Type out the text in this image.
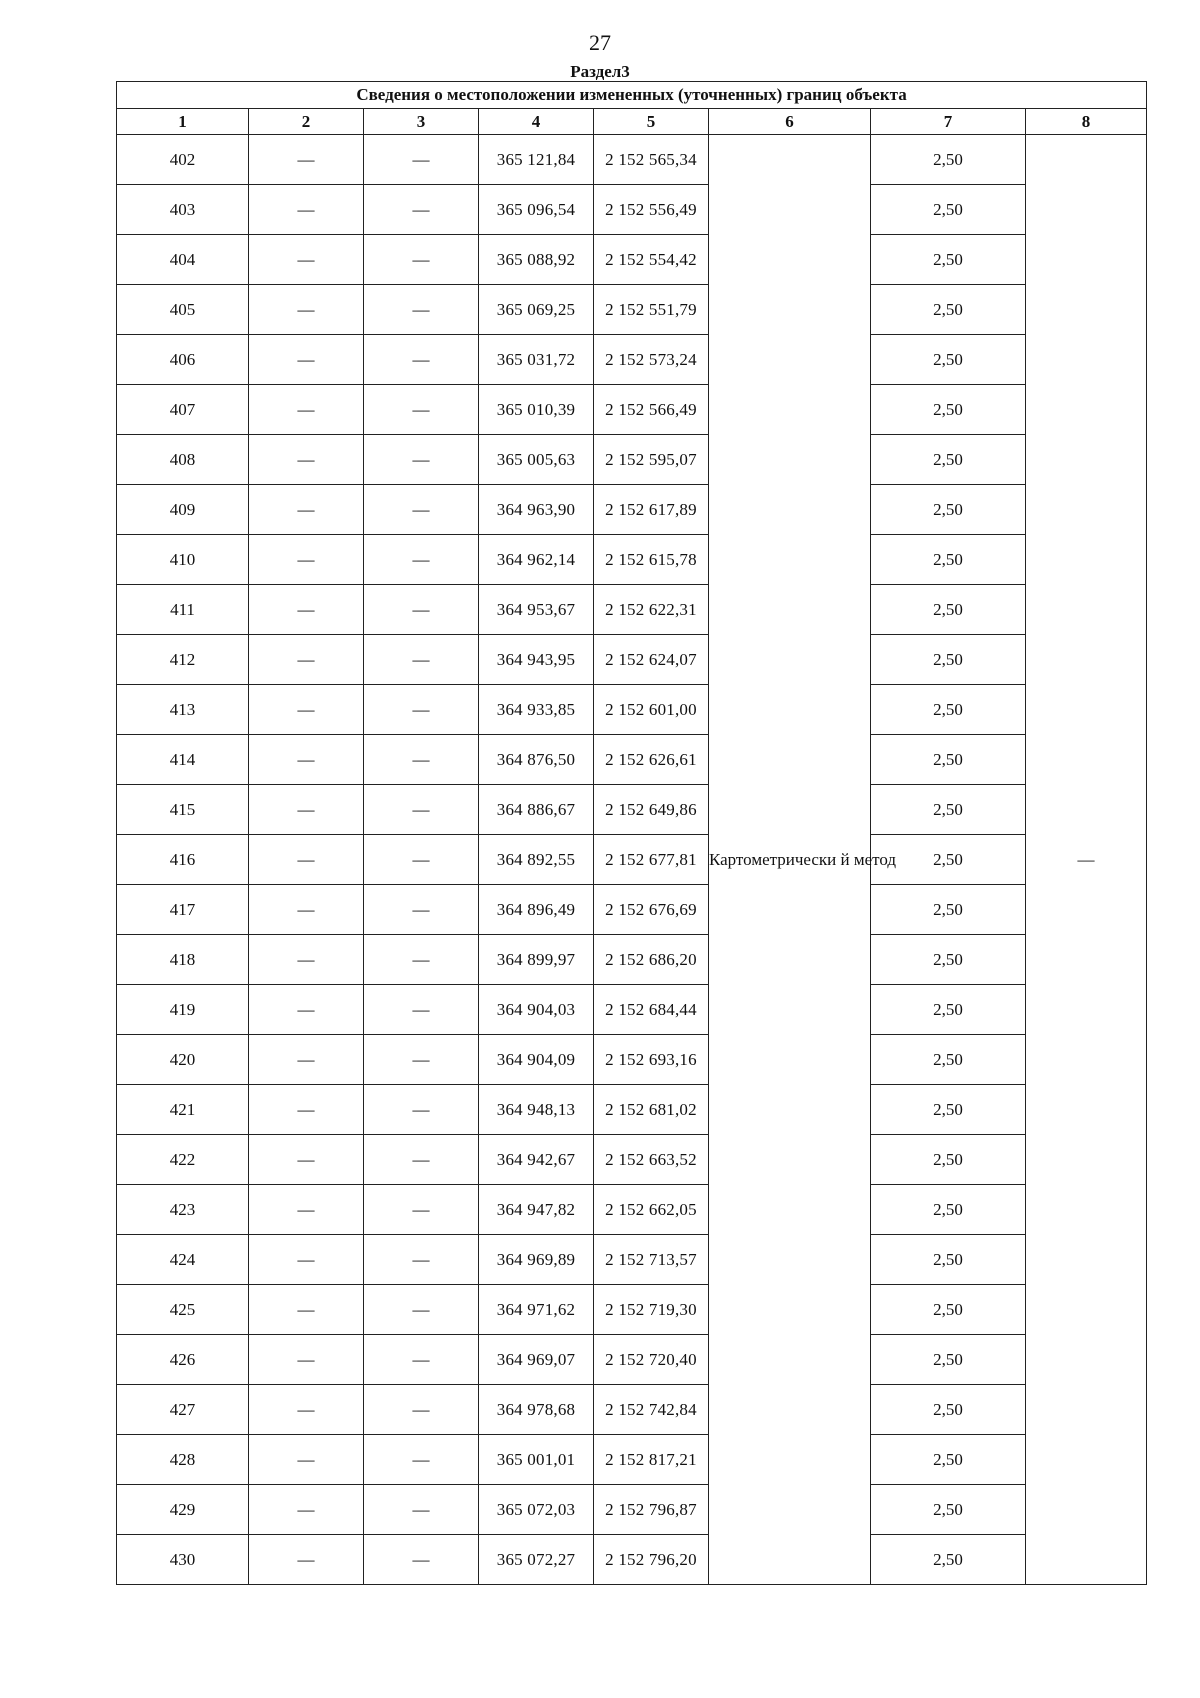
27
Раздел3
Сведения о местоположении измененных (уточненных) границ объекта							
1	2	3	4	5	6	7	8
402	—	—	365 121,84	2 152 565,34	Картометрически й метод	2,50	—
403	—	—	365 096,54	2 152 556,49		2,50	
404	—	—	365 088,92	2 152 554,42		2,50	
405	—	—	365 069,25	2 152 551,79		2,50	
406	—	—	365 031,72	2 152 573,24		2,50	
407	—	—	365 010,39	2 152 566,49		2,50	
408	—	—	365 005,63	2 152 595,07		2,50	
409	—	—	364 963,90	2 152 617,89		2,50	
410	—	—	364 962,14	2 152 615,78		2,50	
411	—	—	364 953,67	2 152 622,31		2,50	
412	—	—	364 943,95	2 152 624,07		2,50	
413	—	—	364 933,85	2 152 601,00		2,50	
414	—	—	364 876,50	2 152 626,61		2,50	
415	—	—	364 886,67	2 152 649,86		2,50	
416	—	—	364 892,55	2 152 677,81		2,50	
417	—	—	364 896,49	2 152 676,69		2,50	
418	—	—	364 899,97	2 152 686,20		2,50	
419	—	—	364 904,03	2 152 684,44		2,50	
420	—	—	364 904,09	2 152 693,16		2,50	
421	—	—	364 948,13	2 152 681,02		2,50	
422	—	—	364 942,67	2 152 663,52		2,50	
423	—	—	364 947,82	2 152 662,05		2,50	
424	—	—	364 969,89	2 152 713,57		2,50	
425	—	—	364 971,62	2 152 719,30		2,50	
426	—	—	364 969,07	2 152 720,40		2,50	
427	—	—	364 978,68	2 152 742,84		2,50	
428	—	—	365 001,01	2 152 817,21		2,50	
429	—	—	365 072,03	2 152 796,87		2,50	
430	—	—	365 072,27	2 152 796,20		2,50	
